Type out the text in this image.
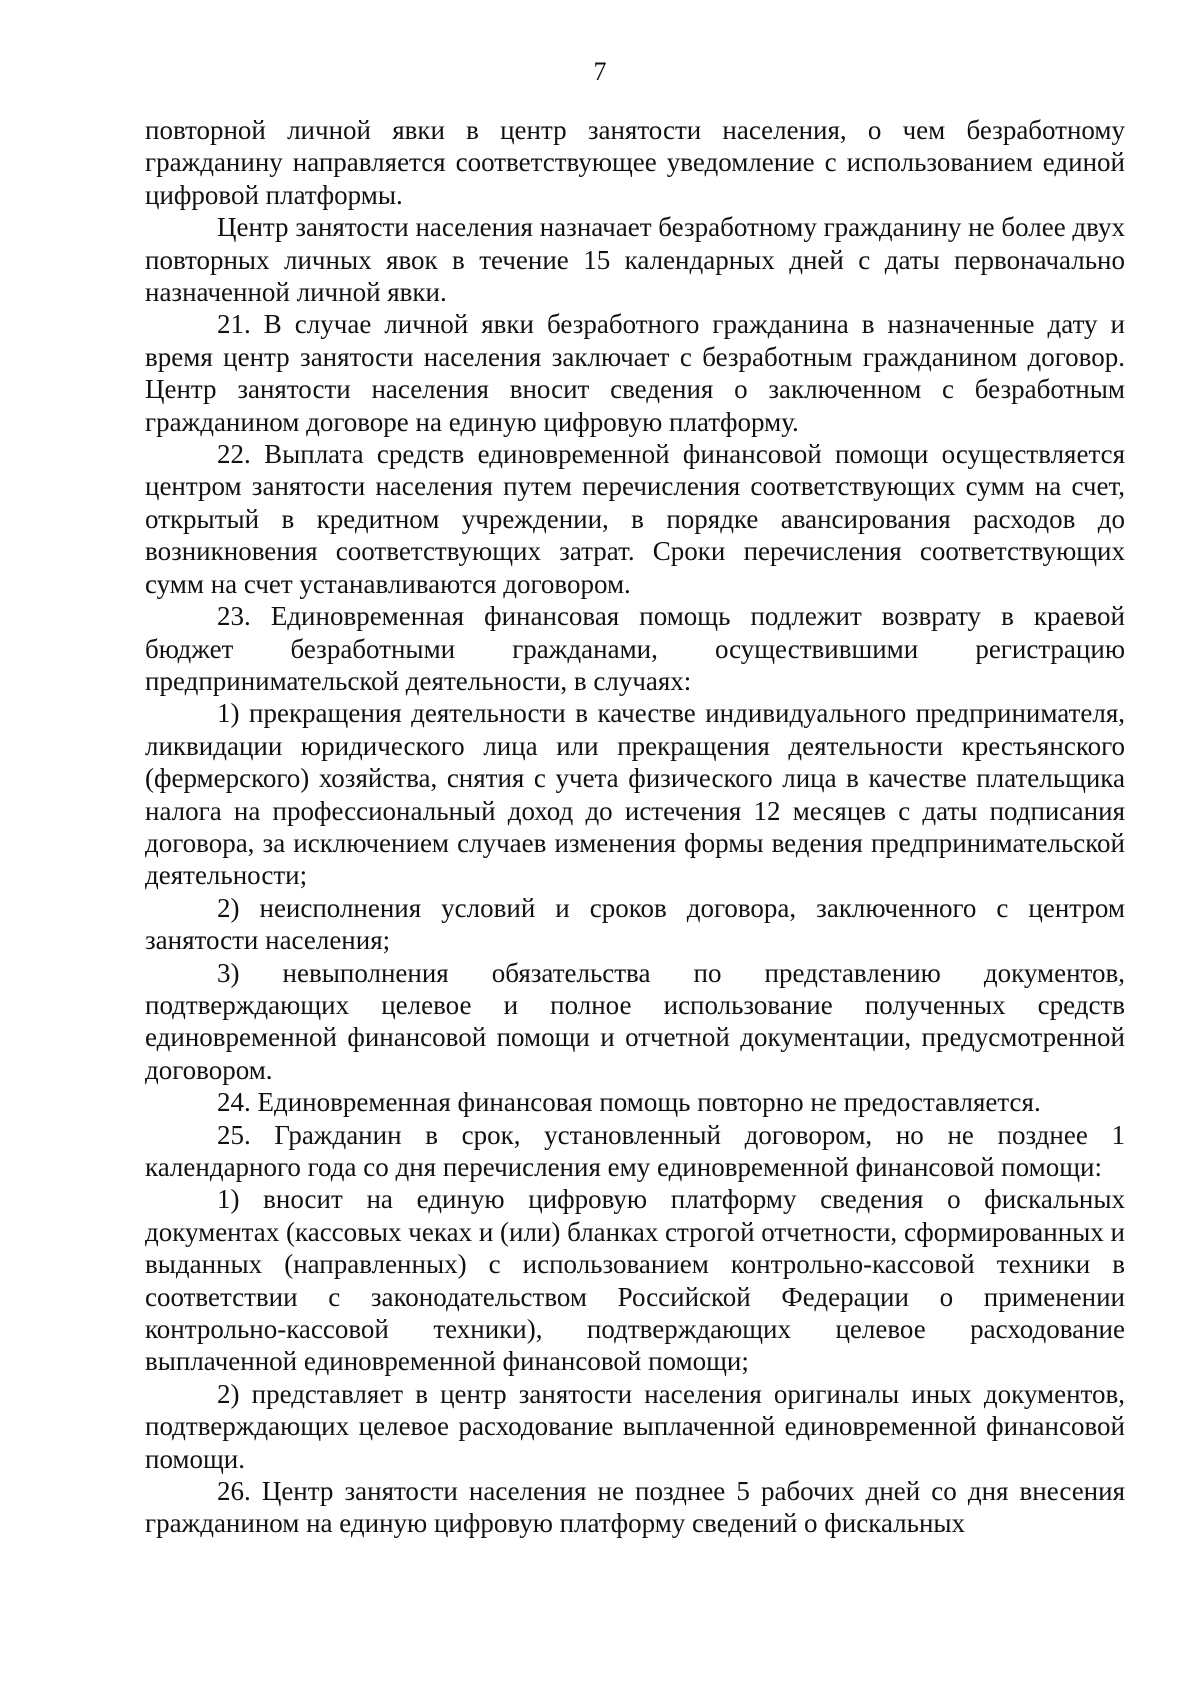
7

повторной личной явки в центр занятости населения, о чем безработному гражданину направляется соответствующее уведомление с использованием единой цифровой платформы.

Центр занятости населения назначает безработному гражданину не более двух повторных личных явок в течение 15 календарных дней с даты первоначально назначенной личной явки.

21. В случае личной явки безработного гражданина в назначенные дату и время центр занятости населения заключает с безработным гражданином договор. Центр занятости населения вносит сведения о заключенном с безработным гражданином договоре на единую цифровую платформу.

22. Выплата средств единовременной финансовой помощи осуществляется центром занятости населения путем перечисления соответствующих сумм на счет, открытый в кредитном учреждении, в порядке авансирования расходов до возникновения соответствующих затрат. Сроки перечисления соответствующих сумм на счет устанавливаются договором.

23. Единовременная финансовая помощь подлежит возврату в краевой бюджет безработными гражданами, осуществившими регистрацию предпринимательской деятельности, в случаях:

1) прекращения деятельности в качестве индивидуального предпринимателя, ликвидации юридического лица или прекращения деятельности крестьянского (фермерского) хозяйства, снятия с учета физического лица в качестве плательщика налога на профессиональный доход до истечения 12 месяцев с даты подписания договора, за исключением случаев изменения формы ведения предпринимательской деятельности;

2) неисполнения условий и сроков договора, заключенного с центром занятости населения;

3) невыполнения обязательства по представлению документов, подтверждающих целевое и полное использование полученных средств единовременной финансовой помощи и отчетной документации, предусмотренной договором.

24. Единовременная финансовая помощь повторно не предоставляется.

25. Гражданин в срок, установленный договором, но не позднее 1 календарного года со дня перечисления ему единовременной финансовой помощи:

1) вносит на единую цифровую платформу сведения о фискальных документах (кассовых чеках и (или) бланках строгой отчетности, сформированных и выданных (направленных) с использованием контрольно-кассовой техники в соответствии с законодательством Российской Федерации о применении контрольно-кассовой техники), подтверждающих целевое расходование выплаченной единовременной финансовой помощи;

2) представляет в центр занятости населения оригиналы иных документов, подтверждающих целевое расходование выплаченной единовременной финансовой помощи.

26. Центр занятости населения не позднее 5 рабочих дней со дня внесения гражданином на единую цифровую платформу сведений о фискальных
